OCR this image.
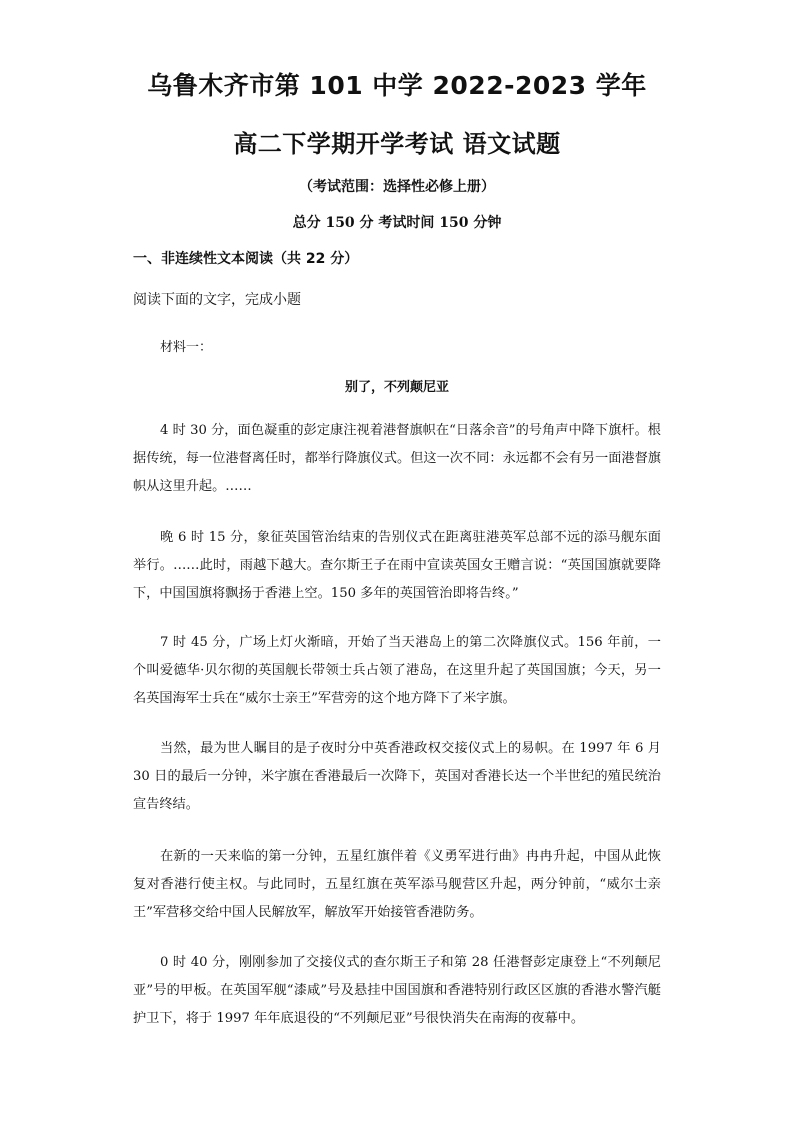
乌鲁木齐市第 101 中学 2022-2023 学年
高二下学期开学考试 语文试题
（考试范围：选择性必修上册）
总分 150 分 考试时间 150 分钟
一、非连续性文本阅读（共 22 分）
阅读下面的文字，完成小题
材料一：
别了，不列颠尼亚

4 时 30 分，面色凝重的彭定康注视着港督旗帜在“日落余音”的号角声中降下旗杆。根据传统，每一位港督离任时，都举行降旗仪式。但这一次不同：永远都不会有另一面港督旗帜从这里升起。……

晚 6 时 15 分，象征英国管治结束的告别仪式在距离驻港英军总部不远的添马舰东面举行。……此时，雨越下越大。查尔斯王子在雨中宣读英国女王赠言说：“英国国旗就要降下，中国国旗将飘扬于香港上空。150 多年的英国管治即将告终。”

7 时 45 分，广场上灯火渐暗，开始了当天港岛上的第二次降旗仪式。156 年前，一个叫爱德华·贝尔彻的英国舰长带领士兵占领了港岛，在这里升起了英国国旗；今天，另一名英国海军士兵在“威尔士亲王”军营旁的这个地方降下了米字旗。

当然，最为世人瞩目的是子夜时分中英香港政权交接仪式上的易帜。在 1997 年 6 月 30 日的最后一分钟，米字旗在香港最后一次降下，英国对香港长达一个半世纪的殖民统治宣告终结。

在新的一天来临的第一分钟，五星红旗伴着《义勇军进行曲》冉冉升起，中国从此恢复对香港行使主权。与此同时，五星红旗在英军添马舰营区升起，两分钟前，“威尔士亲王”军营移交给中国人民解放军，解放军开始接管香港防务。

0 时 40 分，刚刚参加了交接仪式的查尔斯王子和第 28 任港督彭定康登上“不列颠尼亚”号的甲板。在英国军舰“漆咸”号及悬挂中国国旗和香港特别行政区区旗的香港水警汽艇护卫下，将于 1997 年年底退役的“不列颠尼亚”号很快消失在南海的夜幕中。
